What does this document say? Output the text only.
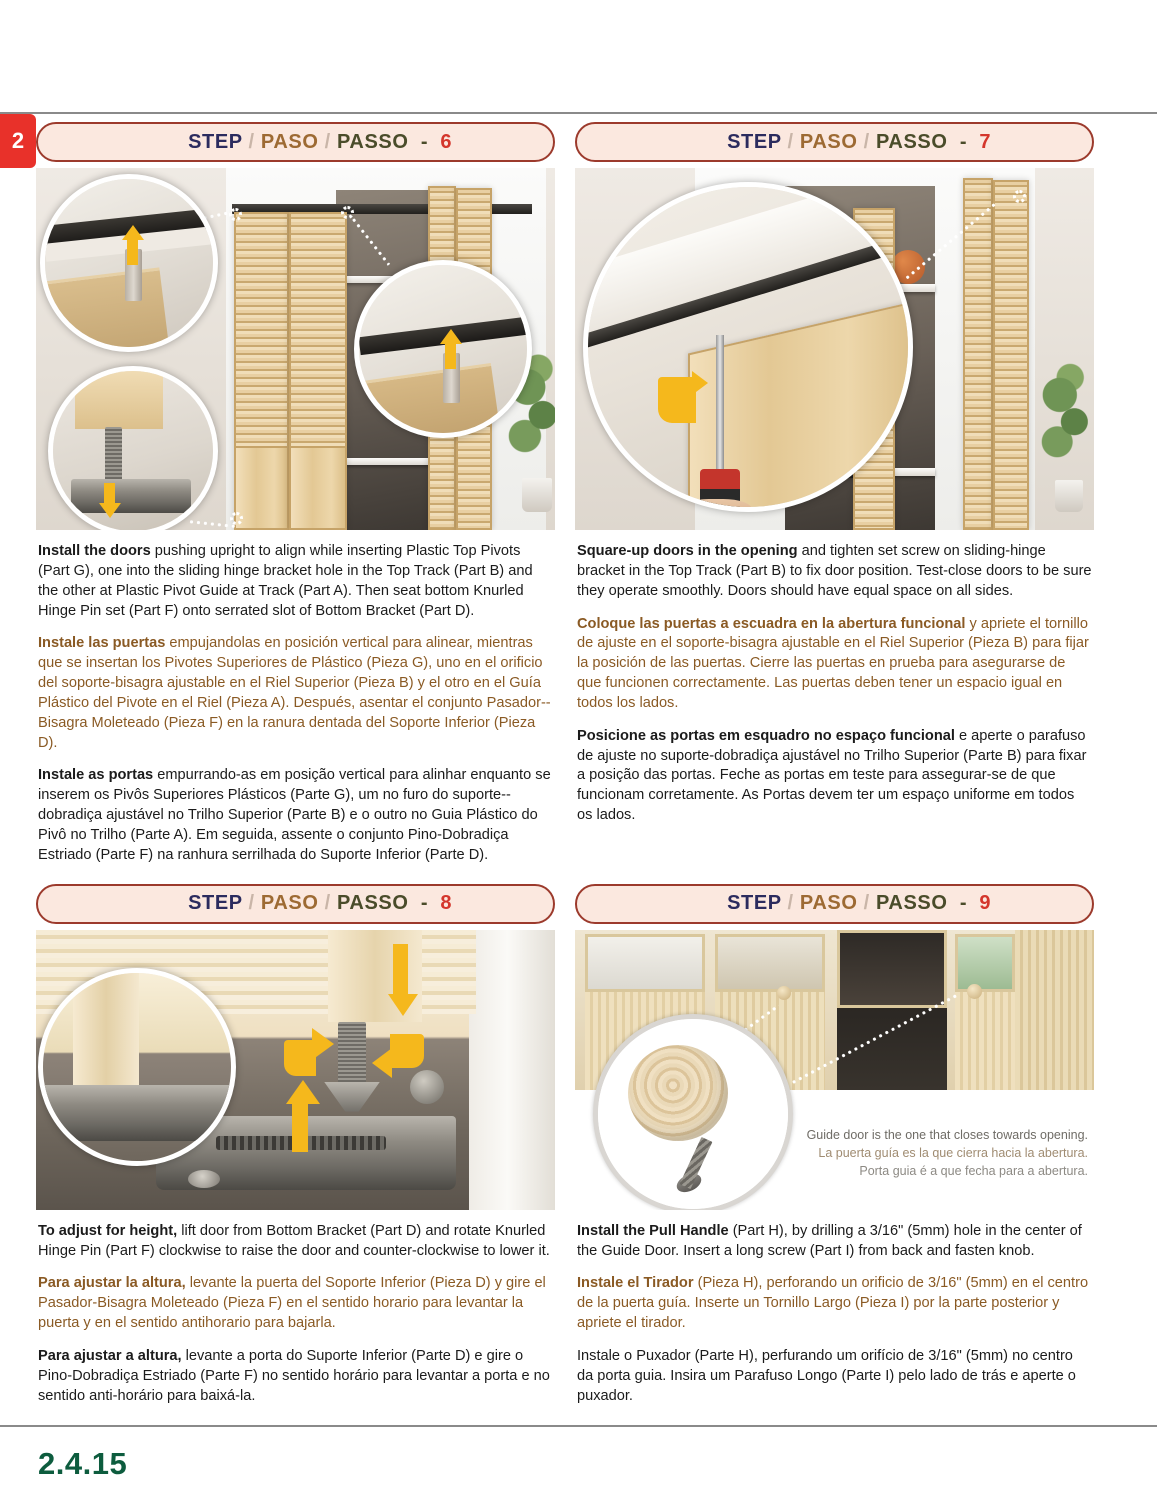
2
2.4.15

STEP / PASO / PASSO  -  6

Install the doors pushing upright to align while inserting Plastic Top Pivots (Part G), one into the sliding hinge bracket hole in the Top Track (Part B) and the other at Plastic Pivot Guide at Track (Part A). Then seat bottom Knurled Hinge Pin set (Part F) onto serrated slot of Bottom Bracket (Part D).

Instale las puertas empujandolas en posición vertical para alinear, mientras que se insertan los Pivotes Superiores de Plástico (Pieza G), uno en el orificio del soporte-bisagra ajustable en el Riel Superior (Pieza B) y el otro en el Guía Plástico del Pivote en el Riel (Pieza A). Después, asentar el conjunto Pasador--Bisagra Moleteado (Pieza F) en la ranura dentada del Soporte Inferior (Pieza D).

Instale as portas empurrando-as em posição vertical para alinhar enquanto se inserem os Pivôs Superiores Plásticos (Parte G), um no furo do suporte--dobradiça ajustável no Trilho Superior (Parte B) e o outro no Guia Plástico do Pivô no Trilho (Parte A). Em seguida, assente o conjunto Pino-Dobradiça Estriado (Parte F) na ranhura serrilhada do Suporte Inferior (Parte D).

STEP / PASO / PASSO  -  7

Square-up doors in the opening and tighten set screw on sliding-hinge bracket in the Top Track (Part B) to fix door position. Test-close doors to be sure they operate smoothly. Doors should have equal space on all sides.

Coloque las puertas a escuadra en la abertura funcional y apriete el tornillo de ajuste en el soporte-bisagra ajustable en el Riel Superior (Pieza B) para fijar la posición de las puertas. Cierre las puertas en prueba para asegurarse de que funcionen correctamente. Las puertas deben tener un espacio igual en todos los lados.

Posicione as portas em esquadro no espaço funcional e aperte o parafuso de ajuste no suporte-dobradiça ajustável no Trilho Superior (Parte B) para fixar a posição das portas. Feche as portas em teste para assegurar-se de que funcionam corretamente. As Portas devem ter um espaço uniforme em todos os lados.

STEP / PASO / PASSO  -  8

To adjust for height, lift door from Bottom Bracket (Part D) and rotate Knurled Hinge Pin (Part F) clockwise to raise the door and counter-clockwise to lower it.

Para ajustar la altura, levante la puerta del Soporte Inferior (Pieza D) y gire el Pasador-Bisagra Moleteado (Pieza F) en el sentido horario para levantar la puerta y en el sentido antihorario para bajarla.

Para ajustar a altura, levante a porta do Suporte Inferior (Parte D) e gire o Pino-Dobradiça Estriado (Parte F) no sentido horário para levantar a porta e no sentido anti-horário para baixá-la.

STEP / PASO / PASSO  -  9

Guide door is the one that closes towards opening.
La puerta guía es la que cierra hacia la abertura.
Porta guia é a que fecha para a abertura.

Install the Pull Handle (Part H), by drilling a 3/16" (5mm) hole in the center of the Guide Door. Insert a long screw (Part I) from back and fasten knob.

Instale el Tirador (Pieza H), perforando un orificio de 3/16" (5mm) en el centro de la puerta guía. Inserte un Tornillo Largo (Pieza I) por la parte posterior y apriete el tirador.

Instale o Puxador (Parte H), perfurando um orifício de 3/16" (5mm) no centro da porta guia. Insira um Parafuso Longo (Parte I) pelo lado de trás e aperte o puxador.
